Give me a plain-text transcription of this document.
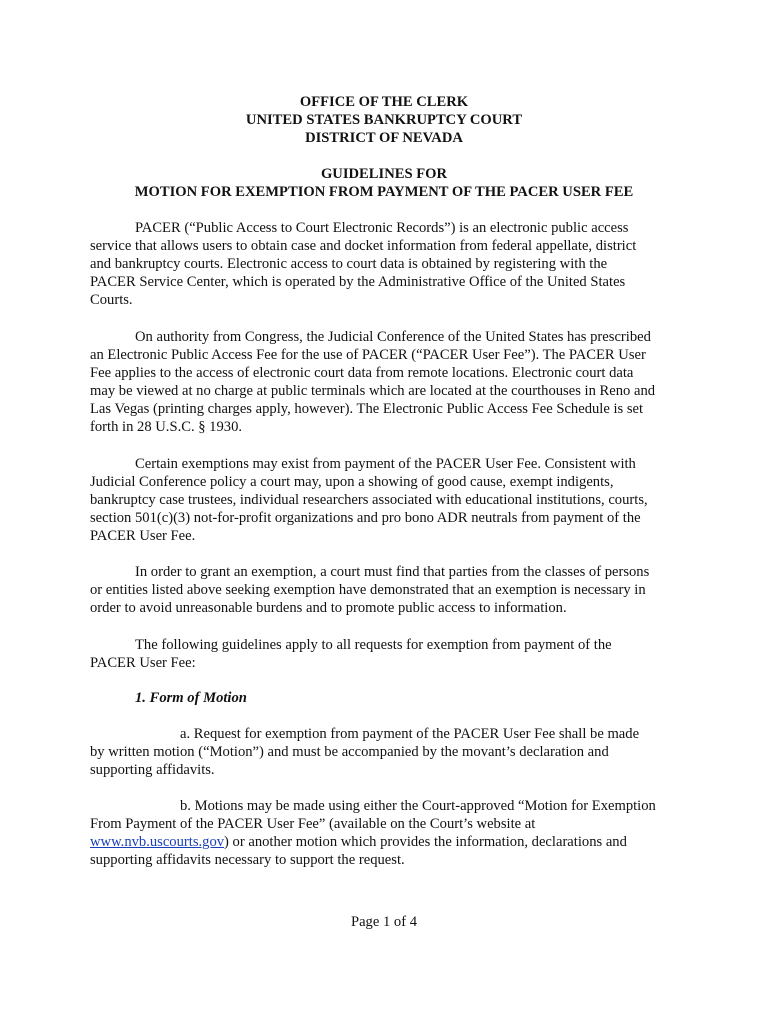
OFFICE OF THE CLERK
UNITED STATES BANKRUPTCY COURT
DISTRICT OF NEVADA
GUIDELINES FOR
MOTION FOR EXEMPTION FROM PAYMENT OF THE PACER USER FEE

PACER (“Public Access to Court Electronic Records”) is an electronic public access
service that allows users to obtain case and docket information from federal appellate, district
and bankruptcy courts. Electronic access to court data is obtained by registering with the
PACER Service Center, which is operated by the Administrative Office of the United States
Courts.

On authority from Congress, the Judicial Conference of the United States has prescribed
an Electronic Public Access Fee for the use of PACER (“PACER User Fee”). The PACER User
Fee applies to the access of electronic court data from remote locations. Electronic court data
may be viewed at no charge at public terminals which are located at the courthouses in Reno and
Las Vegas (printing charges apply, however). The Electronic Public Access Fee Schedule is set
forth in 28 U.S.C. § 1930.

Certain exemptions may exist from payment of the PACER User Fee. Consistent with
Judicial Conference policy a court may, upon a showing of good cause, exempt indigents,
bankruptcy case trustees, individual researchers associated with educational institutions, courts,
section 501(c)(3) not-for-profit organizations and pro bono ADR neutrals from payment of the
PACER User Fee.

In order to grant an exemption, a court must find that parties from the classes of persons
or entities listed above seeking exemption have demonstrated that an exemption is necessary in
order to avoid unreasonable burdens and to promote public access to information.

The following guidelines apply to all requests for exemption from payment of the
PACER User Fee:

1. Form of Motion

a. Request for exemption from payment of the PACER User Fee shall be made
by written motion (“Motion”) and must be accompanied by the movant’s declaration and
supporting affidavits.

b. Motions may be made using either the Court-approved “Motion for Exemption
From Payment of the PACER User Fee” (available on the Court’s website at
www.nvb.uscourts.gov) or another motion which provides the information, declarations and
supporting affidavits necessary to support the request.

Page 1 of 4
